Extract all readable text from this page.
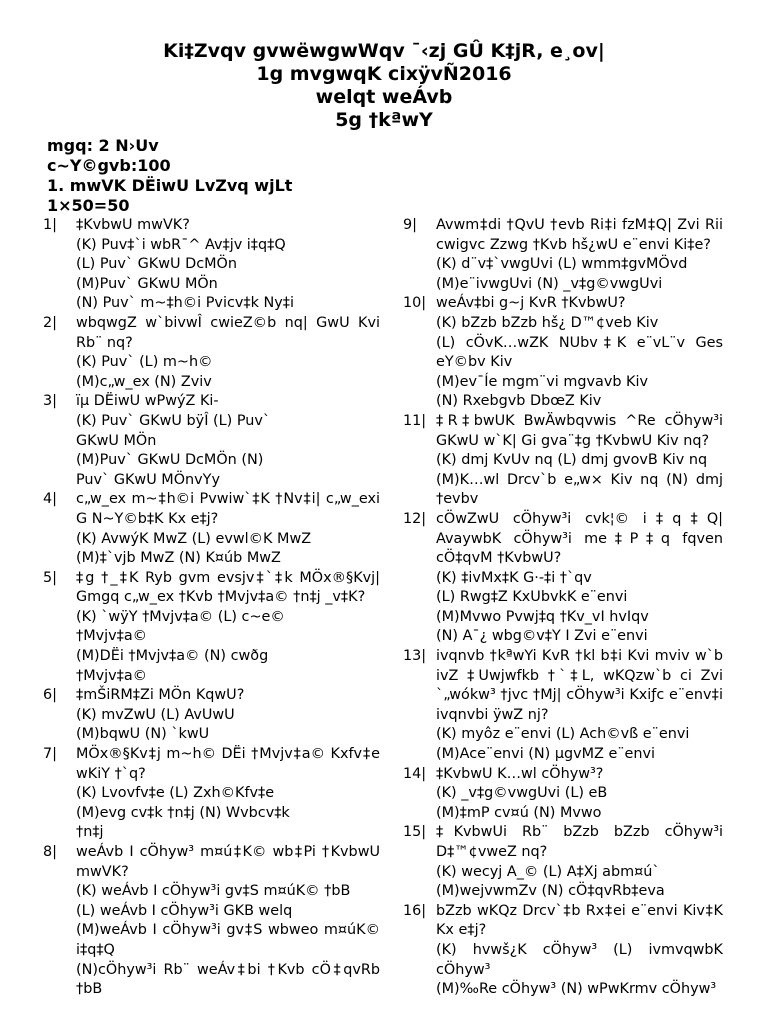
Ki‡Zvqv gvwëwgwWqv ¯‹zj GÛ K‡jR, e¸ov|
1g mvgwqK cixÿvÑ2016
welqt weÁvb
5g †kªwY
mgq: 2 N›Uv
c~Y©gvb:100
1. mwVK DËiwU LvZvq wjLt
1×50=50
1| ‡KvbwU mwVK?
(K) Puv‡`i wbR¯^ Av‡jv i‡q‡Q
(L) Puv` GKwU DcMÖn
(M)Puv` GKwU MÖn
(N) Puv` m~‡h©i Pvicv‡k Ny‡i
2| wbqwgZ w`bivwÎ cwieZ©b nq| GwU Kvi Rb¨ nq?
(K) Puv` (L) m~h©
(M)c„w_ex (N) Zviv
3| ïµ DËiwU wPwýZ Ki-
(K) Puv` GKwU bÿÎ (L) Puv`
GKwU MÖn
(M)Puv` GKwU DcMÖn (N)
Puv` GKwU MÖnvYy
4| c„w_ex m~‡h©i Pvwiw`‡K †Nv‡i| c„w_exi G N~Y©b‡K Kx e‡j?
(K) AvwýK MwZ (L) evwl©K MwZ
(M)‡`vjb MwZ (N) K¤úb MwZ
5| ‡g †_‡K Ryb gvm evsjv‡`‡k MÖx®§Kvj| Gmgq c„w_ex †Kvb †Mvjv‡a© †n‡j _v‡K?
(K) `wÿY †Mvjv‡a© (L) c~e©
†Mvjv‡a©
(M)DËi †Mvjv‡a© (N) cwðg
†Mvjv‡a©
6| ‡mŠiRM‡Zi MÖn KqwU?
(K) mvZwU (L) AvUwU
(M)bqwU (N) `kwU
7| MÖx®§Kv‡j m~h© DËi †Mvjv‡a© Kxfv‡e wKiY †`q?
(K) Lvovfv‡e (L) Zxh©Kfv‡e
(M)evg cv‡k †n‡j (N) Wvbcv‡k
†n‡j
8| weÁvb I cÖhyw³ m¤ú‡K© wb‡Pi †KvbwU mwVK?
(K) weÁvb I cÖhyw³i gv‡S m¤úK© †bB
(L) weÁvb I cÖhyw³i GKB welq
(M)weÁvb I cÖhyw³i gv‡S wbweo m¤úK© i‡q‡Q
(N)cÖhyw³i Rb¨ weÁv‡bi †Kvb cÖ‡qvRb †bB
9| Avwm‡di †QvU †evb Ri‡i fzM‡Q| Zvi Rii cwigvc Zzwg †Kvb hš¿wU e¨envi Ki‡e?
(K) d¨v‡`vwgUvi (L) wmm‡gvMÖvd
(M)e¨ivwgUvi (N) _v‡g©vwgUvi
10| weÁv‡bi g~j KvR †KvbwU?
(K) bZzb bZzb hš¿ D™¢veb Kiv
(L) cÖvK…wZK NUbv‡K e¨vL¨v Ges eY©bv Kiv
(M)ev¯Íe mgm¨vi mgvavb Kiv
(N) Rxebgvb DbœZ Kiv
11| ‡R‡bwUK BwÄwbqvwis ^Re cÖhyw³i GKwU w`K| Gi gva¨‡g †KvbwU Kiv nq?
(K) dmj KvUv nq (L) dmj gvovB Kiv nq
(M)K…wl Drcv`b e„w× Kiv nq (N) dmj †evbv
12| cÖwZwU cÖhyw³i cvk¦© i‡q‡Q| AvaywbK cÖhyw³i me‡P‡q fqven cÖ‡qvM †KvbwU?
(K) ‡ivMx‡K G·-‡i †`qv
(L) Rwg‡Z KxUbvkK e¨envi
(M)Mvwo Pvwj‡q †Kv_vI hvIqv
(N) A¯¿ wbg©v‡Y I Zvi e¨envi
13| ivqnvb †kªwYi KvR †kl b‡i Kvi mviv w`b ivZ ‡Uwjwfkb †`‡L, wKQzw`b ci Zvi `„wókw³ †jvc †Mj| cÖhyw³i Kxiƒc e¨env‡i ivqnvbi ÿwZ nj?
(K) myôz e¨envi (L) Ach©vß e¨envi
(M)Ace¨envi (N) µgvMZ e¨envi
14| ‡KvbwU K…wl cÖhyw³?
(K) _v‡g©vwgUvi (L) eB
(M)‡mP cv¤ú (N) Mvwo
15| ‡KvbwUi Rb¨ bZzb bZzb cÖhyw³i D‡™¢vweZ nq?
(K) wecyj A_© (L) A‡Xj abm¤ú`
(M)wejvwmZv (N) cÖ‡qvRb‡eva
16| bZzb wKQz Drcv`‡b Rx‡ei e¨envi Kiv‡K Kx e‡j?
(K) hvwš¿K cÖhyw³ (L) ivmvqwbK cÖhyw³
(M)‰Re cÖhyw³ (N) wPwKrmv cÖhyw³
